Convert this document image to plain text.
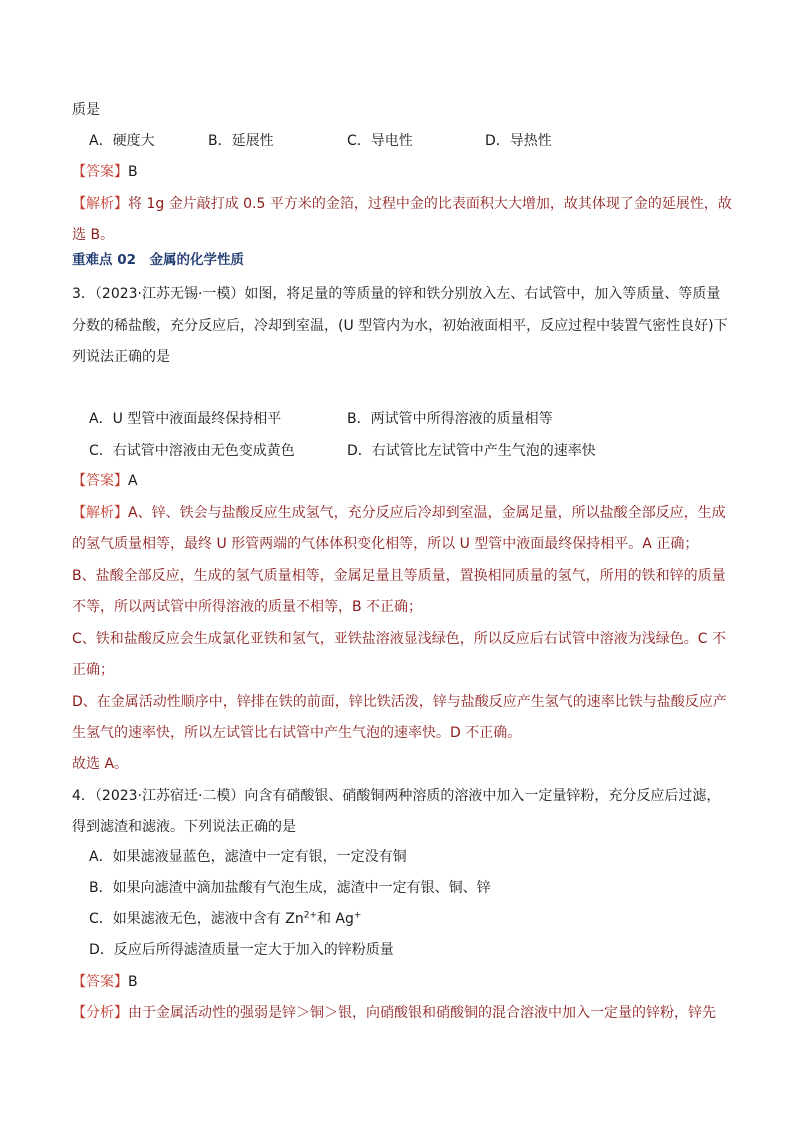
质是
A．硬度大	B．延展性	C．导电性	D．导热性
【答案】B
【解析】将 1g 金片敲打成 0.5 平方米的金箔，过程中金的比表面积大大增加，故其体现了金的延展性，故
选 B。
重难点 02　金属的化学性质
3．（2023·江苏无锡·一模）如图，将足量的等质量的锌和铁分别放入左、右试管中，加入等质量、等质量
分数的稀盐酸，充分反应后，冷却到室温，(U 型管内为水，初始液面相平，反应过程中装置气密性良好)下
列说法正确的是
A．U 型管中液面最终保持相平	B．两试管中所得溶液的质量相等
C．右试管中溶液由无色变成黄色	D．右试管比左试管中产生气泡的速率快
【答案】A
【解析】A、锌、铁会与盐酸反应生成氢气，充分反应后冷却到室温，金属足量，所以盐酸全部反应，生成
的氢气质量相等，最终 U 形管两端的气体体积变化相等，所以 U 型管中液面最终保持相平。A 正确；
B、盐酸全部反应，生成的氢气质量相等，金属足量且等质量，置换相同质量的氢气，所用的铁和锌的质量
不等，所以两试管中所得溶液的质量不相等，B 不正确；
C、铁和盐酸反应会生成氯化亚铁和氢气，亚铁盐溶液显浅绿色，所以反应后右试管中溶液为浅绿色。C 不
正确；
D、在金属活动性顺序中，锌排在铁的前面，锌比铁活泼，锌与盐酸反应产生氢气的速率比铁与盐酸反应产
生氢气的速率快，所以左试管比右试管中产生气泡的速率快。D 不正确。
故选 A。
4．（2023·江苏宿迁·二模）向含有硝酸银、硝酸铜两种溶质的溶液中加入一定量锌粉，充分反应后过滤，
得到滤渣和滤液。下列说法正确的是
A．如果滤液显蓝色，滤渣中一定有银，一定没有铜
B．如果向滤渣中滴加盐酸有气泡生成，滤渣中一定有银、铜、锌
C．如果滤液无色，滤液中含有 $Zn^{2+}$和 Ag+
D．反应后所得滤渣质量一定大于加入的锌粉质量
【答案】B
【分析】由于金属活动性的强弱是锌＞铜＞银，向硝酸银和硝酸铜的混合溶液中加入一定量的锌粉，锌先
